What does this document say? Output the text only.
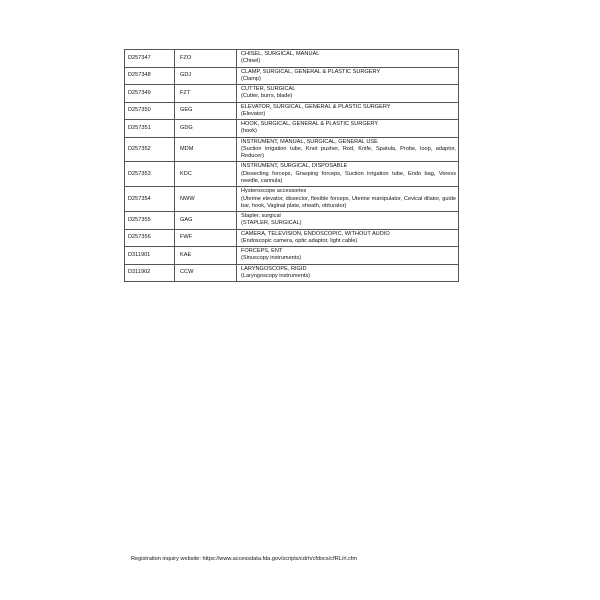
D257347	FZO	CHISEL, SURGICAL, MANUAL
(Chisel)

D257348	GDJ	CLAMP, SURGICAL, GENERAL & PLASTIC SURGERY
(Clamp)

D257349	FZT	CUTTER, SURGICAL
(Cutter, burrs, blade)

D257350	GEG	ELEVATOR, SURGICAL, GENERAL & PLASTIC SURGERY
(Elevator)

D257351	GDG	HOOK, SURGICAL, GENERAL & PLASTIC SURGERY
(hook)

D257352	MDM	INSTRUMENT, MANUAL, SURGICAL, GENERAL USE
(Suction irrigation tube, Knot pusher, Rod, Knife, Spatula, Probe, loop, adaptor, Reducer)

D257353	KDC	INSTRUMENT, SURGICAL, DISPOSABLE
(Dissecting forceps, Grasping forceps, Suction irrigation tube, Endo bag, Veress needle, cannula)

D257354	NWW	Hysteroscope accessories
(Uterine elevator, dissector, flexible forceps, Uterine manipulator, Cevical dilator, guide bar, hook, Vaginal plate, sheath, obturator)

D257355	GAG	Stapler, surgical
(STAPLER, SURGICAL)

D257356	FWF	CAMERA, TELEVISION, ENDOSCOPIC, WITHOUT AUDIO
(Endoscopic camera, optic adaptor, light cable)

D311901	KAE	FORCEPS, ENT
(Sinuscopy instruments)

D311902	CCW	LARYNGOSCOPE, RIGID
(Laryngoscopy instruments)
Registration inquiry website: https://www.accessdata.fda.gov/scripts/cdrh/cfdocs/cfRL/rl.cfm
